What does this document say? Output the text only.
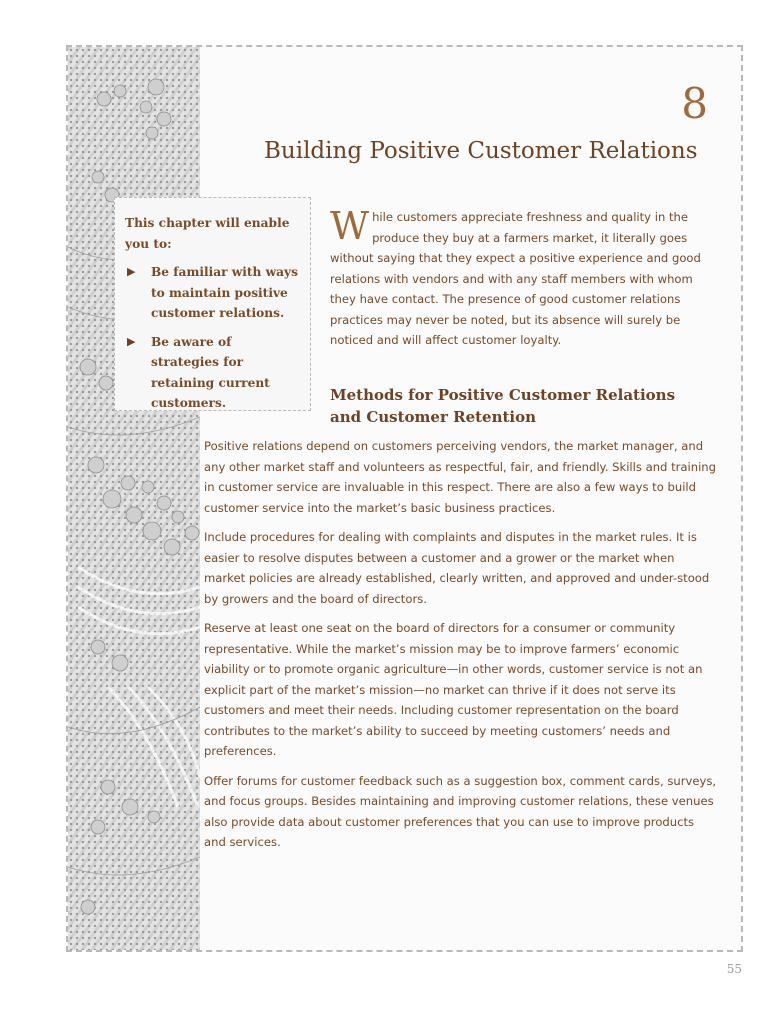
8
Building Positive Customer Relations

This chapter will enable you to:

▶ Be familiar with ways to maintain positive customer relations.
▶ Be aware of strategies for retaining current customers.

While customers appreciate freshness and quality in the produce they buy at a farmers market, it literally goes without saying that they expect a positive experience and good relations with vendors and with any staff members with whom they have contact. The presence of good customer relations practices may never be noted, but its absence will surely be noticed and will affect customer loyalty.

Methods for Positive Customer Relations and Customer Retention

Positive relations depend on customers perceiving vendors, the market manager, and any other market staff and volunteers as respectful, fair, and friendly. Skills and training in customer service are invaluable in this respect. There are also a few ways to build customer service into the market’s basic business practices.

Include procedures for dealing with complaints and disputes in the market rules. It is easier to resolve disputes between a customer and a grower or the market when market policies are already established, clearly written, and approved and under-stood by growers and the board of directors.

Reserve at least one seat on the board of directors for a consumer or community representative. While the market’s mission may be to improve farmers’ economic viability or to promote organic agriculture—in other words, customer service is not an explicit part of the market’s mission—no market can thrive if it does not serve its customers and meet their needs. Including customer representation on the board contributes to the market’s ability to succeed by meeting customers’ needs and preferences.

Offer forums for customer feedback such as a suggestion box, comment cards, surveys, and focus groups. Besides maintaining and improving customer relations, these venues also provide data about customer preferences that you can use to improve products and services.

55
